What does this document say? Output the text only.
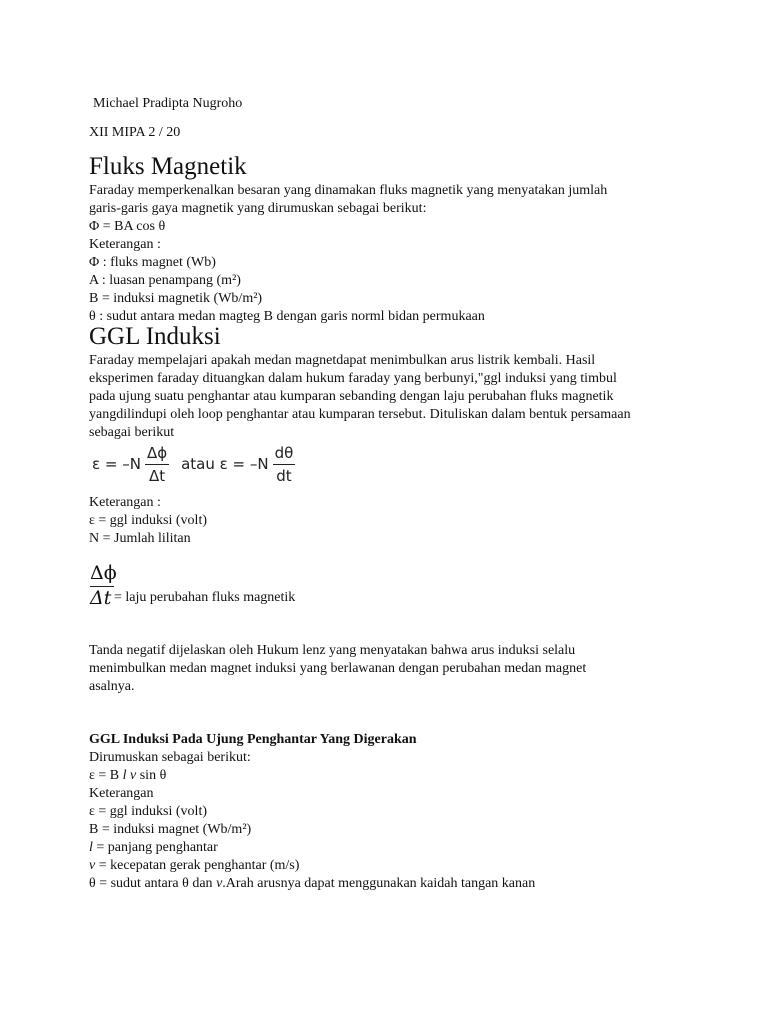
Michael Pradipta Nugroho
XII MIPA 2 / 20
Fluks Magnetik
Faraday memperkenalkan besaran yang dinamakan fluks magnetik yang menyatakan jumlah
garis-garis gaya magnetik yang dirumuskan sebagai berikut:
Φ = BA cos θ
Keterangan :
Φ : fluks magnet (Wb)
A : luasan penampang (m²)
B = induksi magnetik (Wb/m²)
θ : sudut antara medan magteg B dengan garis norml bidan permukaan
GGL Induksi
Faraday mempelajari apakah medan magnetdapat menimbulkan arus listrik kembali. Hasil
eksperimen faraday dituangkan dalam hukum faraday yang berbunyi,"ggl induksi yang timbul
pada ujung suatu penghantar atau kumparan sebanding dengan laju perubahan fluks magnetik
yangdilindupi oleh loop penghantar atau kumparan tersebut. Dituliskan dalam bentuk persamaan
sebagai berikut
$\varepsilon = -N \frac{\Delta\phi}{\Delta t}$ atau $\varepsilon = -N \frac{d\theta}{dt}$
Keterangan :
ε = ggl induksi (volt)
N = Jumlah lilitan
$\frac{\Delta\phi}{\Delta t}$ = laju perubahan fluks magnetik
Tanda negatif dijelaskan oleh Hukum lenz yang menyatakan bahwa arus induksi selalu
menimbulkan medan magnet induksi yang berlawanan dengan perubahan medan magnet
asalnya.
GGL Induksi Pada Ujung Penghantar Yang Digerakan
Dirumuskan sebagai berikut:
ε = B l v sin θ
Keterangan
ε = ggl induksi (volt)
B = induksi magnet (Wb/m²)
l = panjang penghantar
v = kecepatan gerak penghantar (m/s)
θ = sudut antara θ dan v.Arah arusnya dapat menggunakan kaidah tangan kanan
